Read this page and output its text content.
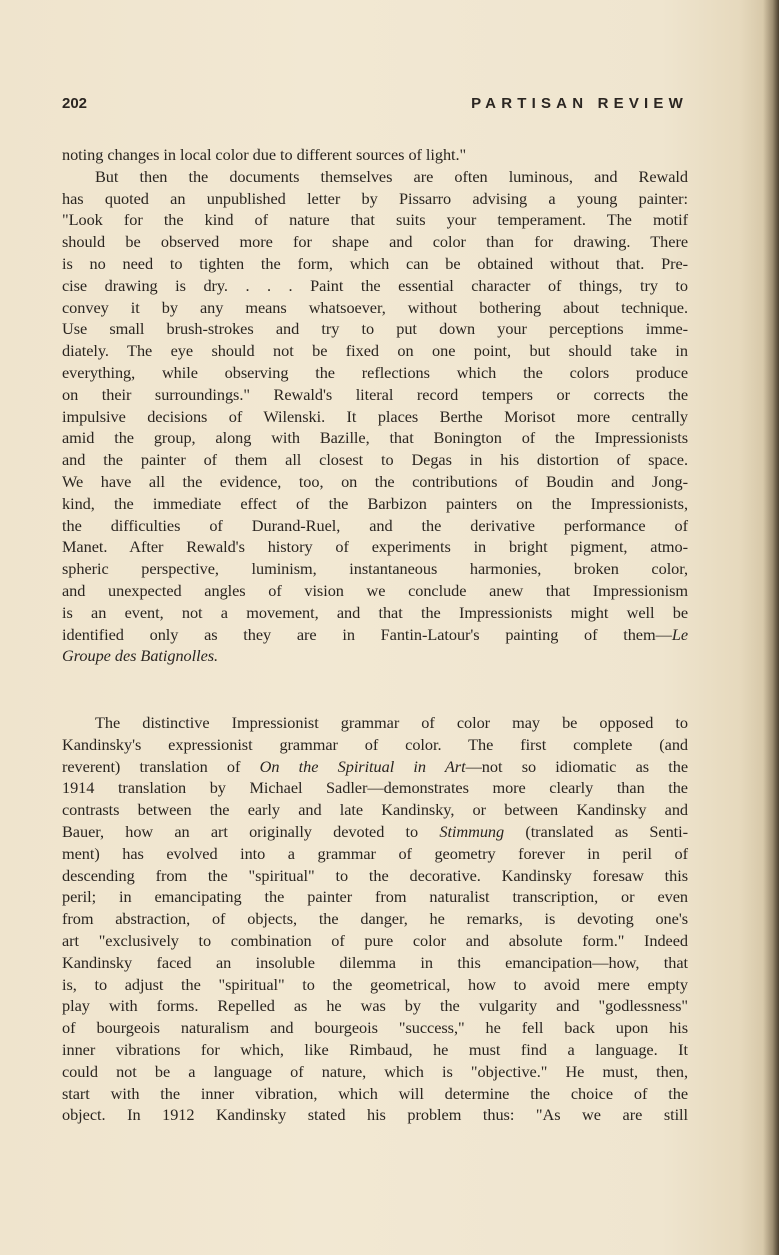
202	PARTISAN REVIEW
noting changes in local color due to different sources of light."
But then the documents themselves are often luminous, and Rewald
has quoted an unpublished letter by Pissarro advising a young painter:
"Look for the kind of nature that suits your temperament. The motif
should be observed more for shape and color than for drawing. There
is no need to tighten the form, which can be obtained without that. Pre-
cise drawing is dry. . . . Paint the essential character of things, try to
convey it by any means whatsoever, without bothering about technique.
Use small brush-strokes and try to put down your perceptions imme-
diately. The eye should not be fixed on one point, but should take in
everything, while observing the reflections which the colors produce
on their surroundings." Rewald's literal record tempers or corrects the
impulsive decisions of Wilenski. It places Berthe Morisot more centrally
amid the group, along with Bazille, that Bonington of the Impressionists
and the painter of them all closest to Degas in his distortion of space.
We have all the evidence, too, on the contributions of Boudin and Jong-
kind, the immediate effect of the Barbizon painters on the Impressionists,
the difficulties of Durand-Ruel, and the derivative performance of
Manet. After Rewald's history of experiments in bright pigment, atmo-
spheric perspective, luminism, instantaneous harmonies, broken color,
and unexpected angles of vision we conclude anew that Impressionism
is an event, not a movement, and that the Impressionists might well be
identified only as they are in Fantin-Latour's painting of them—Le
Groupe des Batignolles.
The distinctive Impressionist grammar of color may be opposed to
Kandinsky's expressionist grammar of color. The first complete (and
reverent) translation of On the Spiritual in Art—not so idiomatic as the
1914 translation by Michael Sadler—demonstrates more clearly than the
contrasts between the early and late Kandinsky, or between Kandinsky and
Bauer, how an art originally devoted to Stimmung (translated as Senti-
ment) has evolved into a grammar of geometry forever in peril of
descending from the "spiritual" to the decorative. Kandinsky foresaw this
peril; in emancipating the painter from naturalist transcription, or even
from abstraction, of objects, the danger, he remarks, is devoting one's
art "exclusively to combination of pure color and absolute form." Indeed
Kandinsky faced an insoluble dilemma in this emancipation—how, that
is, to adjust the "spiritual" to the geometrical, how to avoid mere empty
play with forms. Repelled as he was by the vulgarity and "godlessness"
of bourgeois naturalism and bourgeois "success," he fell back upon his
inner vibrations for which, like Rimbaud, he must find a language. It
could not be a language of nature, which is "objective." He must, then,
start with the inner vibration, which will determine the choice of the
object. In 1912 Kandinsky stated his problem thus: "As we are still
